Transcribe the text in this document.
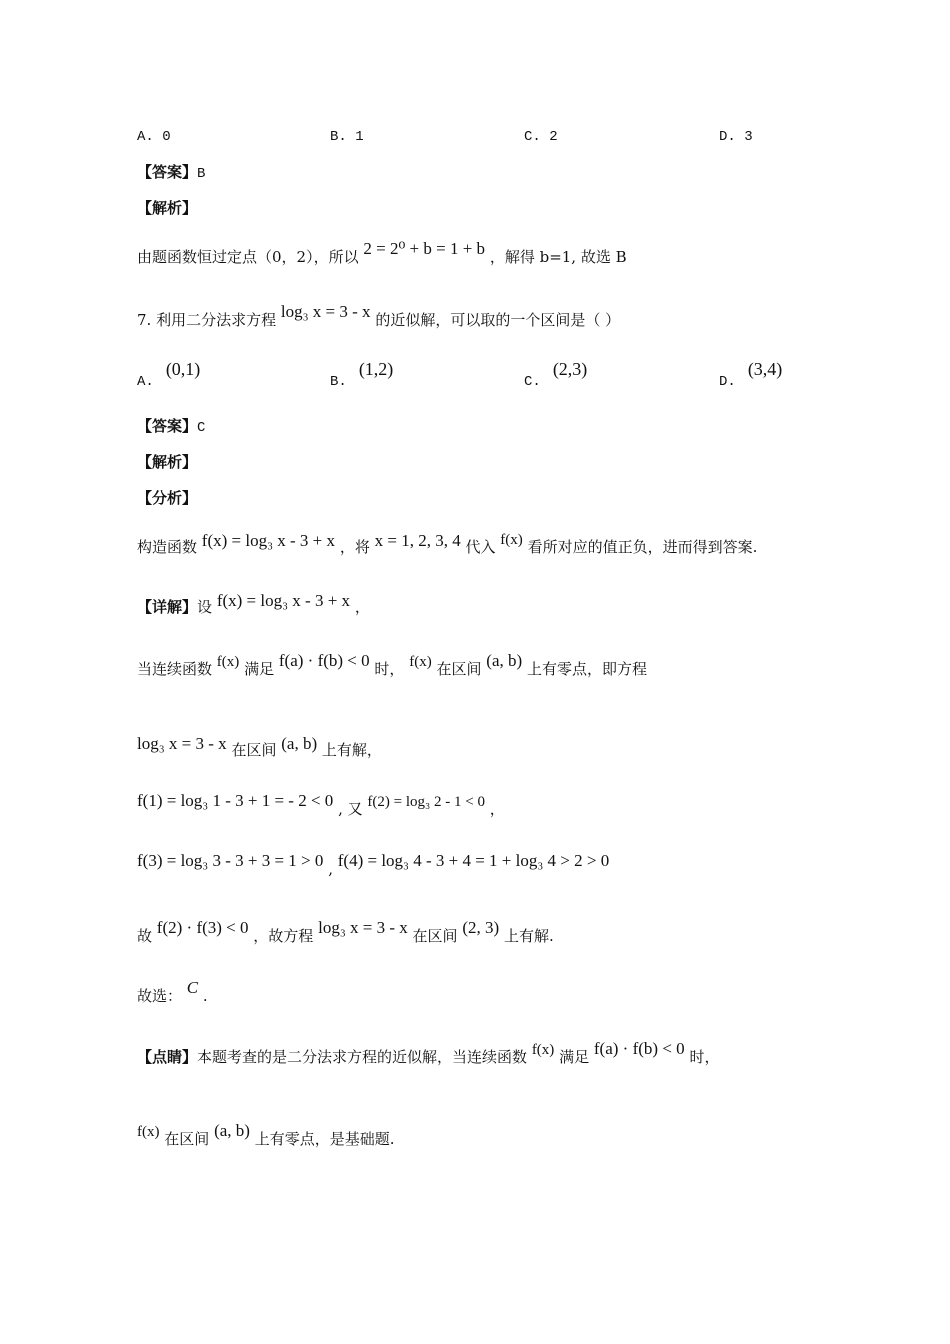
A. 0	B. 1	C. 2	D. 3
【答案】B
【解析】
由题函数恒过定点（0，2），所以 2 = 2⁰ + b = 1 + b ，解得 b=1, 故选 B
7. 利用二分法求方程 log₃ x = 3 - x 的近似解，可以取的一个区间是（ ）
A.(0,1)
B.(1,2)
C.(2,3)
D.(3,4)
【答案】C
【解析】
【分析】
构造函数 f(x) = log₃ x - 3 + x ，将 x = 1, 2, 3, 4 代入 f(x) 看所对应的值正负，进而得到答案.
【详解】设 f(x) = log₃ x - 3 + x ，
当连续函数 f(x) 满足 f(a) · f(b) < 0 时， f(x) 在区间 (a, b) 上有零点，即方程
log₃ x = 3 - x 在区间 (a, b) 上有解，
f(1) = log₃ 1 - 3 + 1 = - 2 < 0 , 又 f(2) = log₃ 2 - 1 < 0 ，
f(3) = log₃ 3 - 3 + 3 = 1 > 0 , f(4) = log₃ 4 - 3 + 4 = 1 + log₃ 4 > 2 > 0
故 f(2) · f(3) < 0 ，故方程 log₃ x = 3 - x 在区间 (2, 3) 上有解.
故选： C .
【点睛】本题考查的是二分法求方程的近似解，当连续函数 f(x) 满足 f(a) · f(b) < 0 时，
f(x) 在区间 (a, b) 上有零点，是基础题.
